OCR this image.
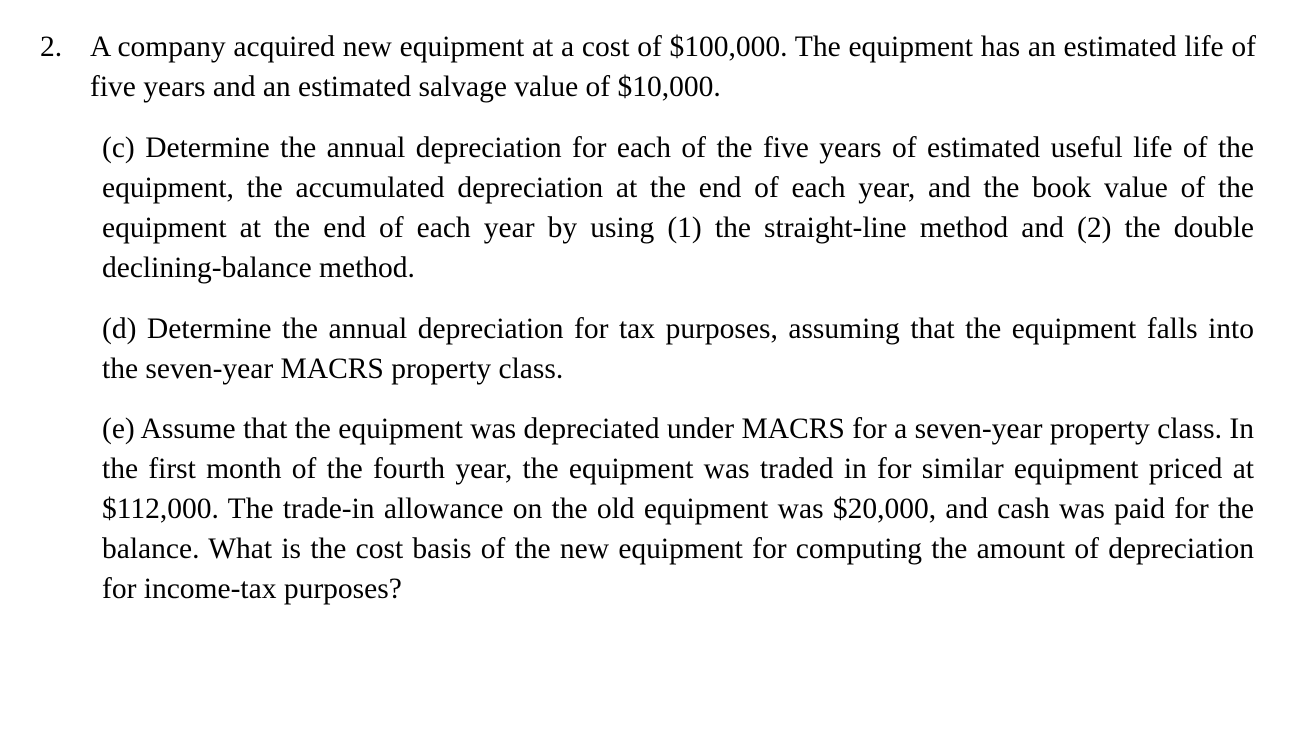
2. A company acquired new equipment at a cost of $100,000. The equipment has an estimated life of five years and an estimated salvage value of $10,000.
(c) Determine the annual depreciation for each of the five years of estimated useful life of the equipment, the accumulated depreciation at the end of each year, and the book value of the equipment at the end of each year by using (1) the straight-line method and (2) the double declining-balance method.
(d) Determine the annual depreciation for tax purposes, assuming that the equipment falls into the seven-year MACRS property class.
(e) Assume that the equipment was depreciated under MACRS for a seven-year property class. In the first month of the fourth year, the equipment was traded in for similar equipment priced at $112,000. The trade-in allowance on the old equipment was $20,000, and cash was paid for the balance. What is the cost basis of the new equipment for computing the amount of depreciation for income-tax purposes?
